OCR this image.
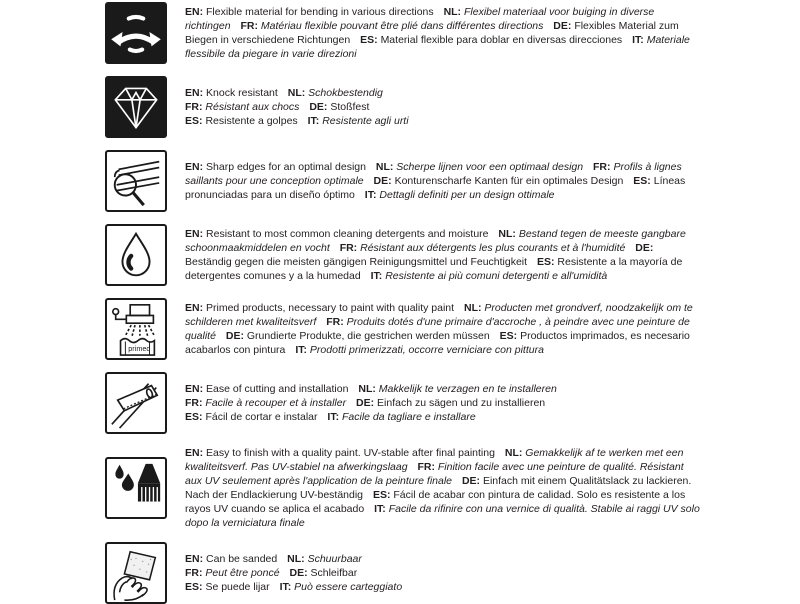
EN: Flexible material for bending in various directions NL: Flexibel materiaal voor buiging in diverse richtingen FR: Matériau flexible pouvant être plié dans différentes directions DE: Flexibles Material zum Biegen in verschiedene Richtungen ES: Material flexible para doblar en diversas direcciones IT: Materiale flessibile da piegare in varie direzioni

EN: Knock resistant NL: Schokbestendig
FR: Résistant aux chocs DE: Stoßfest
ES: Resistente a golpes IT: Resistente agli urti

EN: Sharp edges for an optimal design NL: Scherpe lijnen voor een optimaal design FR: Profils à lignes saillants pour une conception optimale DE: Konturenscharfe Kanten für ein optimales Design ES: Líneas pronunciadas para un diseño óptimo IT: Dettagli definiti per un design ottimale

EN: Resistant to most common cleaning detergents and moisture NL: Bestand tegen de meeste gangbare schoonmaakmiddelen en vocht FR: Résistant aux détergents les plus courants et à l'humidité DE: Beständig gegen die meisten gängigen Reinigungsmittel und Feuchtigkeit ES: Resistente a la mayoría de detergentes comunes y a la humedad IT: Resistente ai più comuni detergenti e all'umidità

primed

EN: Primed products, necessary to paint with quality paint NL: Producten met grondverf, noodzakelijk om te schilderen met kwaliteitsverf FR: Produits dotés d'une primaire d'accroche , à peindre avec une peinture de qualité DE: Grundierte Produkte, die gestrichen werden müssen ES: Productos imprimados, es necesario acabarlos con pintura IT: Prodotti primerizzati, occorre verniciare con pittura

EN: Ease of cutting and installation NL: Makkelijk te verzagen en te installeren
FR: Facile à recouper et à installer DE: Einfach zu sägen und zu installieren
ES: Fácil de cortar e instalar IT: Facile da tagliare e installare

EN: Easy to finish with a quality paint. UV-stable after final painting NL: Gemakkelijk af te werken met een kwaliteitsverf. Pas UV-stabiel na afwerkingslaag FR: Finition facile avec une peinture de qualité. Résistant aux UV seulement après l'application de la peinture finale DE: Einfach mit einem Qualitätslack zu lackieren. Nach der Endlackierung UV-beständig ES: Fácil de acabar con pintura de calidad. Solo es resistente a los rayos UV cuando se aplica el acabado IT: Facile da rifinire con una vernice di qualità. Stabile ai raggi UV solo dopo la verniciatura finale

EN: Can be sanded NL: Schuurbaar
FR: Peut être poncé DE: Schleifbar
ES: Se puede lijar IT: Può essere carteggiato
